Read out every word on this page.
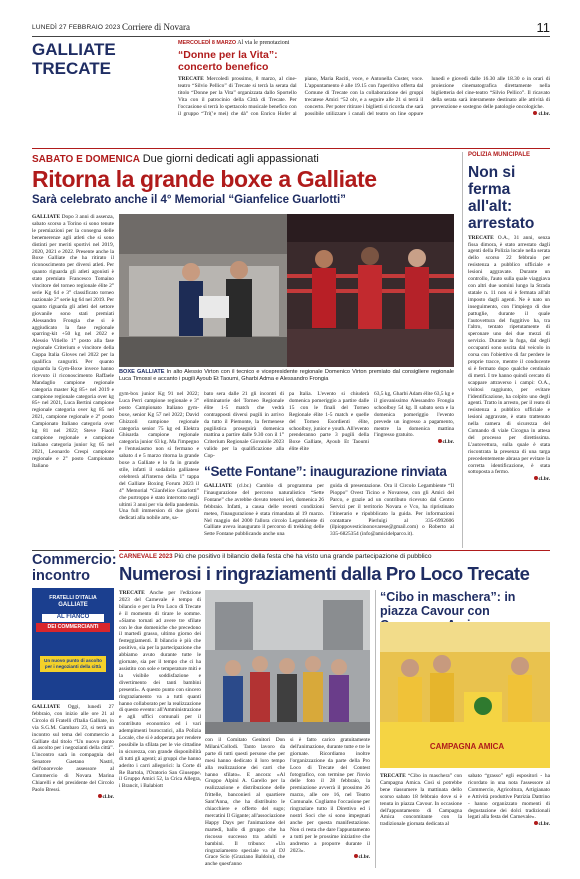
LUNEDÌ 27 FEBBRAIO 2023 Corriere di Novara	11
GALLIATE
TRECATE
MERCOLEDÌ 8 MARZO Al via le prenotazioni
“Donne per la Vita”: concerto benefico
TRECATE Mercoledì prossimo, 8 marzo, al cine-teatro “Silvio Pellico” di Trecate si terrà la serata dal titolo “Donne per la Vita” organizzata dallo Sportello Vita con il patrocinio della Città di Trecate. Per l'occasione si terrà lo spettacolo musicale benefico con il gruppo “Tri(’e mei) che dà” con Enrico Hofer al piano, Maria Raciti, voce, e Antonella Custer, voce. L'appuntamento è alle 19.15 con l'aperitivo offerta dal Comune di Trecate con la collaborazione dei gruppi trecatese Amici “52 olv, e a seguire alle 21 si terrà il concerto. Per poter ritirare i biglietti si ricorda che sarà possibile utilizzare i canali del teatro on line oppure lunedì e giovedì dalle 16.30 alle 18.30 o in orari di proiezione cinematografica direttamente nella biglietteria del cine-teatro “Silvio Pellico”. Il ricavato della serata sarà interamente destinato alle attività di prevenzione e sostegno delle patologie oncologiche.
cl.br.
SABATO E DOMENICA Due giorni dedicati agli appassionati
Ritorna la grande boxe a Galliate
Sarà celebrato anche il 4° Memorial “Gianfelice Guarlotti”
GALLIATE Dopo 3 anni di assenza, sabato scorso a Torino si sono tenute le premiazioni per la consegna delle benemerenze agli atleti che si sono distinti per meriti sportivi nel 2019, 2020, 2021 e 2022. Presente anche la Boxe Galliate che ha ritirato il riconoscimento per diversi atleti. Per quanto riguarda gli atleti agonisti è stato premiato Francesco Tomaino vincitore del torneo regionale élite 2° serie Kg 64 e 3° classificato torneo nazionale 2° serie kg 64 nel 2019. Per quanto riguarda gli atleti del settore giovanile sono stati premiati Alessandro Frongia che si è aggiudicato la fase regionale sparring-kit +50 kg nel 2022 e Alessio Vitiello 1° posto alla fase regionale Criterium e vincitore della Coppa Italia Gloves nel 2022 per la qualifica canguriti. Per quanto riguarda la Gym-Boxe invece hanno ricevuto il riconoscimento Raffaele Mandaglio campione regionale categoria master Kg 85+ nel 2019 e campione regionale categoria over kg 85+ nel 2021, Luca Bertini campione regionale categoria over kg 85 nel 2021, campione regionale e 2° posto Campionato Italiano categoria over kg 81 nel 2022; Steve Fiaoli campione regionale e campione italiano categoria junior kg 65 nel 2021, Leonardo Crespi campione regionale e 2° posto Campionato Italiano
BOXE GALLIATE In alto Alessio Virton con il tecnico e vicepresidente regionale Domenico Virton premiato dal consigliere regionale Luca Timossi e accanto i pugili Ayoub Et Taoumi, Gharbi Adma e Alessandro Frongia
gym-box junior Kg 91 nel 2022; Luca Perri campione regionale e 3° posto Campionato Italiano gym-boxe, senior Kg 57 nel 2022; David Ghizzoli campione regionale categoria senior 75 kg ed Elektra Ghisarda campione regionale categoria junior 63 kg. Ma l'impegno e l'entusiasmo non si fermano e sabato 4 e 5 marzo ritorna la grande boxe a Galliate e lo fa in grande stile, infatti il sodalizio galliatese celebrerà all'interno della 1° tappa del Galliate Boxing Forum 2023 il 4° Memorial “Gianfelice Guarlotti” che purtroppo è stato interrotto negli ultimi 3 anni per via della pandemia. Una full immersion di due giorni dedicati alla nobile arte, sa-
bato sera dalle 21 gli incontri di eliminatorie del Torneo Regionale élite 1-5 match che vedrà contrapposti diversi pugili in arrivo da tutto il Piemonte, la fermenese pugilistica proseguirà domenica mattina a partire dalle 9.30 con il 1° Criterium Regionale Giovanile 2023 valido per la qualificazione alla Cop-
pa Italia. L'evento si chiuderà domenica pomeriggio a partire dalle 15 con le finali del Torneo Regionale élite 1-5 match e quelle del Torneo Esordienti élite, schoolboy, junior e youth. All'evento prenderanno parte 3 pugili della Boxe Galliate, Ayoub Et Taoumi élite élite
63,5 kg, Gharbi Adam élite 63,5 kg e il giovanissimo Alessandro Frongia schoolboy 54 kg. Il sabato sera e la domenica pomeriggio l'evento prevede un ingresso a pagamento, mentre la domenica mattina l'ingresso gratuito.
cl.br.
“Sette Fontane”: inaugurazione rinviata
GALLIATE (cl.br.) Cambio di programma per l'inaugurazione del percorso naturalistico “Sette Fontane” che avrebbe dovuto tenersi ieri, domenica 26 febbraio. Infatti, a causa delle recenti condizioni meteo, l'inaugurazione è stata rimandata al 19 marzo. Nel maggio del 2000 l'allora circolo Legambiente di Galliate aveva inaugurato il percorso di trekking delle Sette Fontane pubblicando anche una
guida di presentazione. Ora il Circolo Legambiente “Il Pioppo” Ovest Ticino e Novarese, con gli Amici del Parco, e grazie ad un contributo ricevuto dal Centro Servizi per il territorio Novara e Vco, ha ripristinato l'itinerario e ripubblicato la guida. Per informazioni contattare Pierluigi al 335-6992606 (ilpioppovesticinonovarese@gmail.com) o Roberto al 335-6825354 (info@amicidelparco.it).
POLIZIA MUNICIPALE
Non si ferma all'alt: arrestato
TRECATE O.A., 31 anni, senza fissa dimora, è stato arrestato dagli agenti della Polizia locale nella serata dello scorso 22 febbraio per resistenza a pubblico ufficiale e lesioni aggravate. Durante un controllo, l'auto sulla quale viaggiava con altri due uomini lungo la Strada statale n. 11 non si è fermata all'alt imposto dagli agenti. Ne è nato un inseguimento, con l'impiego di due pattuglie, durante il quale l'autovettura del fuggitivo ha, tra l'altro, tentato ripetutamente di speronare uno dei due mezzi di servizio. Durante la fuga, dal degli occupanti sono uscita dal veicolo in corsa con l'obiettivo di far perdere le proprie tracce, mentre il conducente si è fermato dopo qualche centinaio di metri. I tre hanno quindi cercato di scappare attraverso i campi: O.A., visitosi raggiunto, per evitare l'identificazione, ha colpito uno degli agenti. Tratto in arresto, per il reato di resistenza a pubblico ufficiale e lesioni aggravate, è stato trattenuto nella camera di sicurezza del Comando di viale Cicogna in attesa del processo per direttissima. L'autovettura, sulla quale è stata riscontrata la presenza di una targa precedentemente abrasa per evitare la corretta identificazione, è stata sottoposta a fermo.
cl.br.
Commercio: incontro
FRATELLI D'ITALIA
GALLIATE
AL FIANCO
DEI COMMERCIANTI
Un nuovo punto di ascolto per i negozianti della città
GALLIATE Oggi, lunedì 27 febbraio, con inizio alle ore 21 al Circolo di Fratelli d'Italia Galliate, in via S.G.M. Gambaro 23, si terrà un incontro sul tema del commercio a Galliate dal titolo “Un nuovo punto di ascolto per i negozianti della città”. L'incontro sarà in compagnia del Senatore Gaetano Nastri, dell'onorevole assessore al Commercio di Novara Marina Chiarelli e del presidente del Circolo Paolo Bressi.
cl.br.
CARNEVALE 2023 Più che positivo il bilancio della festa che ha visto una grande partecipazione di pubblico
Numerosi i ringraziamenti dalla Pro Loco Trecate
TRECATE Anche per l'edizione 2023 del Carnevale è tempo di bilancio e per la Pro Loco di Trecate è il momento di tirare le somme. «Siamo tornati ad avere tre sfilate con le due domeniche che precedono il martedì grasso, ultimo giorno dei festeggiamenti. Il bilancio è più che positivo, sia per la partecipazione che abbiamo avuto durante tutte le giornate, sia per il tempo che ci ha assistito con sole e temperature miti e la visibile soddisfazione e divertimento dei tanti bambini presenti». A questo punto con sincero ringraziamento va a tutti quanti hanno collaborato per la realizzazione di questo evento: all'Amministrazione e agli uffici comunali per il contributo economico ed i vari adempimenti burocratici, alla Polizia Locale, che si è adoperata per rendere possibile la sfilata per le vie cittadine in sicurezza, con grande disponibilità di tutti gli agenti; ai gruppi che hanno aderito i carri allegorici: la Corte di Re Bartola, l'Oratorio San Giuseppe, il Gruppo Amici 52, la Crica Allegra, i Brancit, i Balabiott
con il Comitato Genitori Don Milani/Collodi. Tanto lavoro da parte di tutti questi persone che per mesi hanno dedicato il loro tempo alla realizzazione dei carri che hanno sfilato». E ancora: «Al Gruppo Alpini A. Garello per la realizzazione e distribuzione delle frittelle, banconieri al quartiere Sant'Anna, che ha distribuito le chiacchiere e offerto del sugo; mercatini Il Gigante; all'associazione Happy Days per l'animazione del martedì, ballo di gruppo che ha riscosso successo tra adulti e bambini. Il tribuno: «Un ringraziamento speciale va al DJ Grace Scio (Graziano Baldoin), che anche quest'anno
si è fatto carico gratuitamente dell'animazione, durante tutte e tre le giornate. Ricordiamo inoltre l'organizzazione da parte della Pro Loco di Trecate del Contest fotografico, con termine per l'invio delle foto il 28 febbraio, la premiazione avverrà il prossimo 26 marzo, alle ore 16, nel Teatro Comunale. Cogliamo l'occasione per ringraziare tutto il Direttivo ed i nostri Soci che si sono impegnati anche per questa manifestazione. Non ci resta che dare l'appuntamento a tutti per le prossime iniziative che andremo a proporre durante il 2023».
cl.br.
“Cibo in maschera”: in piazza Cavour con
CAMPAGNA AMICA
TRECATE “Cibo in maschera” con Campagna Amica. Così si potrebbe bene riassumere la mattinata dello scorso sabato 18 febbraio dove si è tenuta in piazza Cavour. In occasione dell'appuntamento di Campagna Amica concomitante con la tradizionale giornata dedicata al
sabato “grasso” egli espositori - ha ricordato in una nota l'assessore al Commercio, Agricoltura, Artigianato e Attività produttive Patrizia Dattrino - hanno organizzato momenti di degustazione dei dolci tradizionali legati alla festa del Carnevale».
cl.br.
